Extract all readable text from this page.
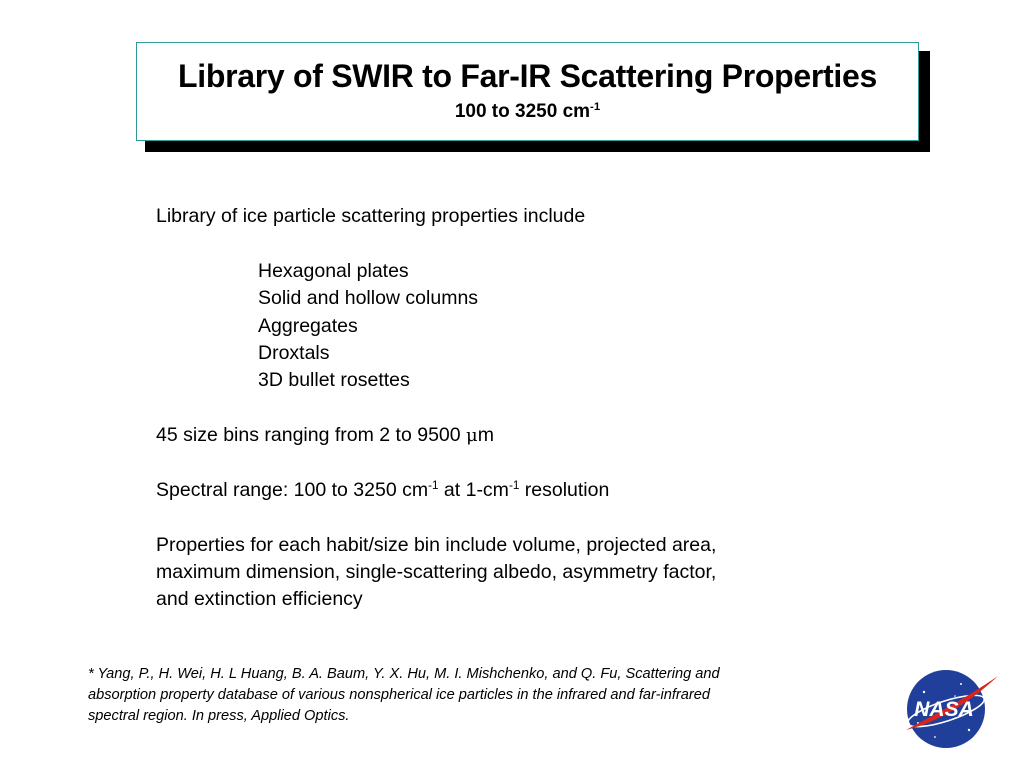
Library of SWIR to Far-IR Scattering Properties
100 to 3250 $cm^{-1}$
Library of ice particle scattering properties include
Hexagonal plates
Solid and hollow columns
Aggregates
Droxtals
3D bullet rosettes
45 size bins ranging from 2 to 9500 μm
Spectral range: 100 to 3250 $cm^{-1}$ at $1-cm^{-1}$ resolution
Properties for each habit/size bin include volume, projected area,
maximum dimension, single-scattering albedo, asymmetry factor,
and extinction efficiency
* Yang, P., H. Wei, H. L Huang, B. A. Baum, Y. X. Hu, M. I. Mishchenko, and Q. Fu, Scattering and
absorption property database of various nonspherical ice particles in the infrared and far-infrared
spectral region. In press, Applied Optics.	NASA
